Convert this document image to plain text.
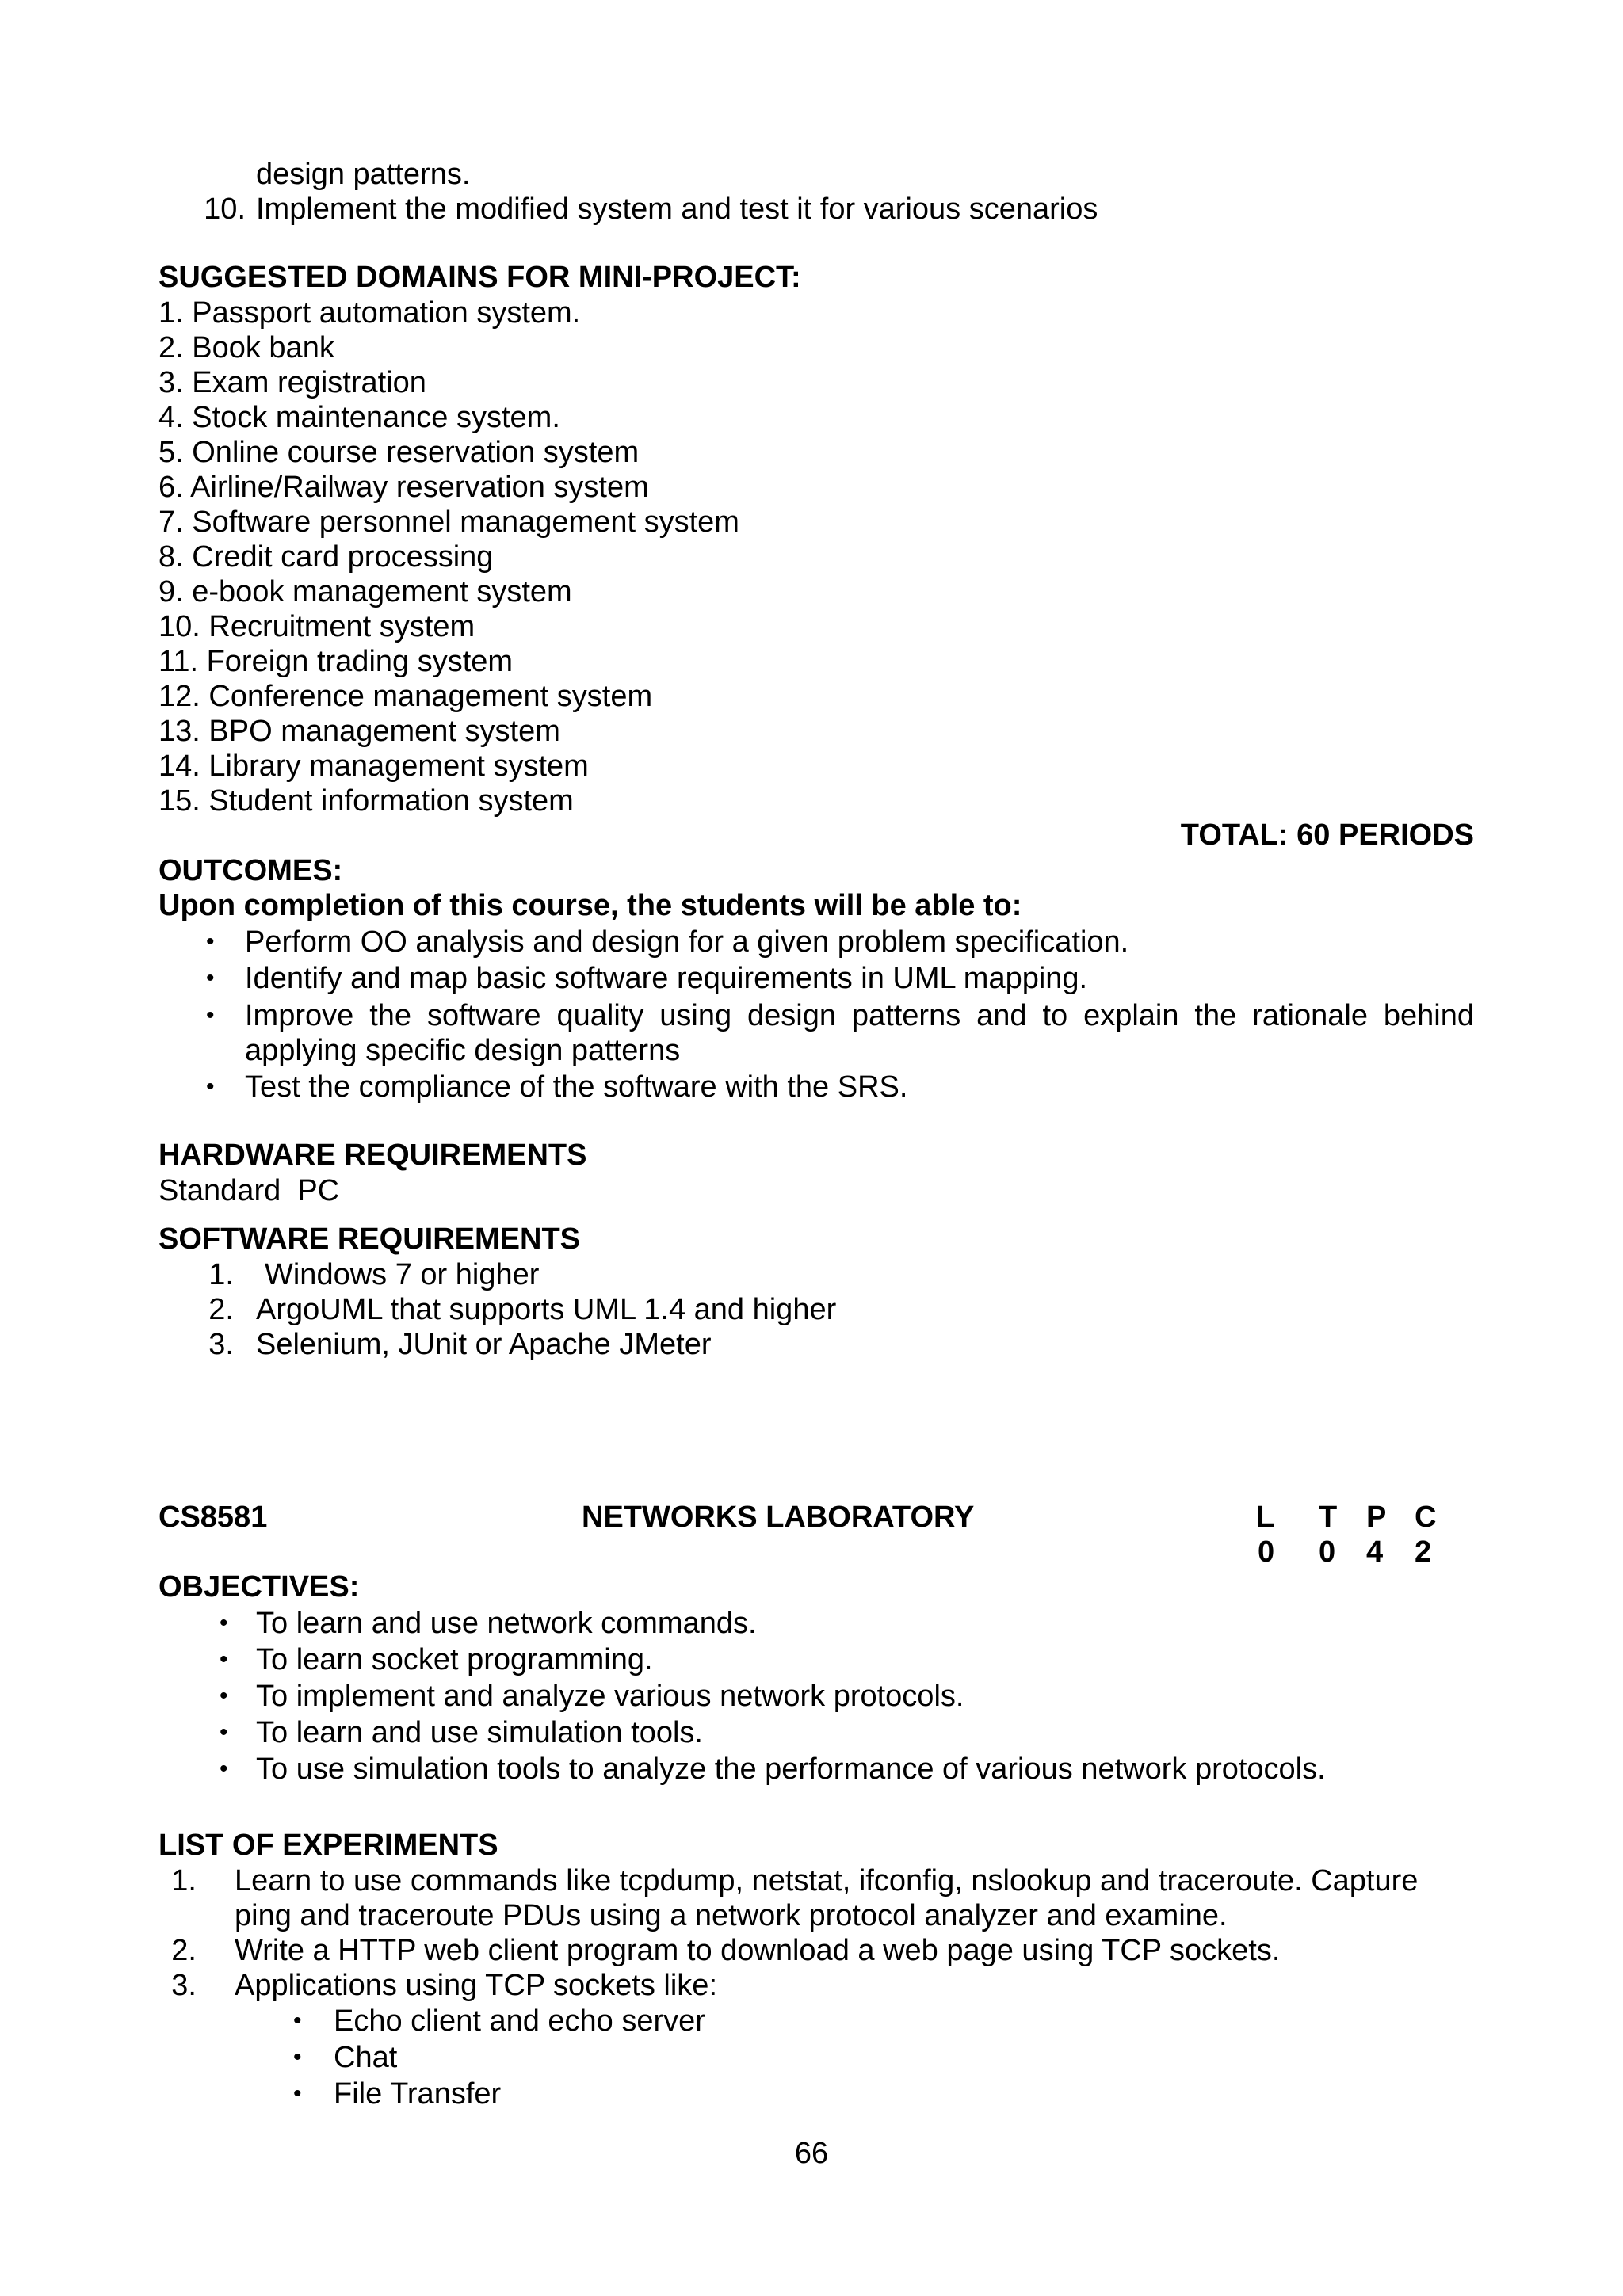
design patterns.
10. Implement the modified system and test it for various scenarios
SUGGESTED DOMAINS FOR MINI-PROJECT:
1. Passport automation system.
2. Book bank
3. Exam registration
4. Stock maintenance system.
5. Online course reservation system
6. Airline/Railway reservation system
7. Software personnel management system
8. Credit card processing
9. e-book management system
10. Recruitment system
11. Foreign trading system
12. Conference management system
13. BPO management system
14. Library management system
15. Student information system
TOTAL: 60 PERIODS
OUTCOMES:
Upon completion of this course, the students will be able to:
• Perform OO analysis and design for a given problem specification.
• Identify and map basic software requirements in UML mapping.
• Improve the software quality using design patterns and to explain the rationale behind
applying specific design patterns
• Test the compliance of the software with the SRS.
HARDWARE REQUIREMENTS
Standard  PC
SOFTWARE REQUIREMENTS
1. Windows 7 or higher
2. ArgoUML that supports UML 1.4 and higher
3. Selenium, JUnit or Apache JMeter
CS8581	NETWORKS LABORATORY	L T P C
0 0 4 2
OBJECTIVES:
• To learn and use network commands.
• To learn socket programming.
• To implement and analyze various network protocols.
• To learn and use simulation tools.
• To use simulation tools to analyze the performance of various network protocols.
LIST OF EXPERIMENTS
1. Learn to use commands like tcpdump, netstat, ifconfig, nslookup and traceroute. Capture
ping and traceroute PDUs using a network protocol analyzer and examine.
2. Write a HTTP web client program to download a web page using TCP sockets.
3. Applications using TCP sockets like:
• Echo client and echo server
• Chat
• File Transfer
66
